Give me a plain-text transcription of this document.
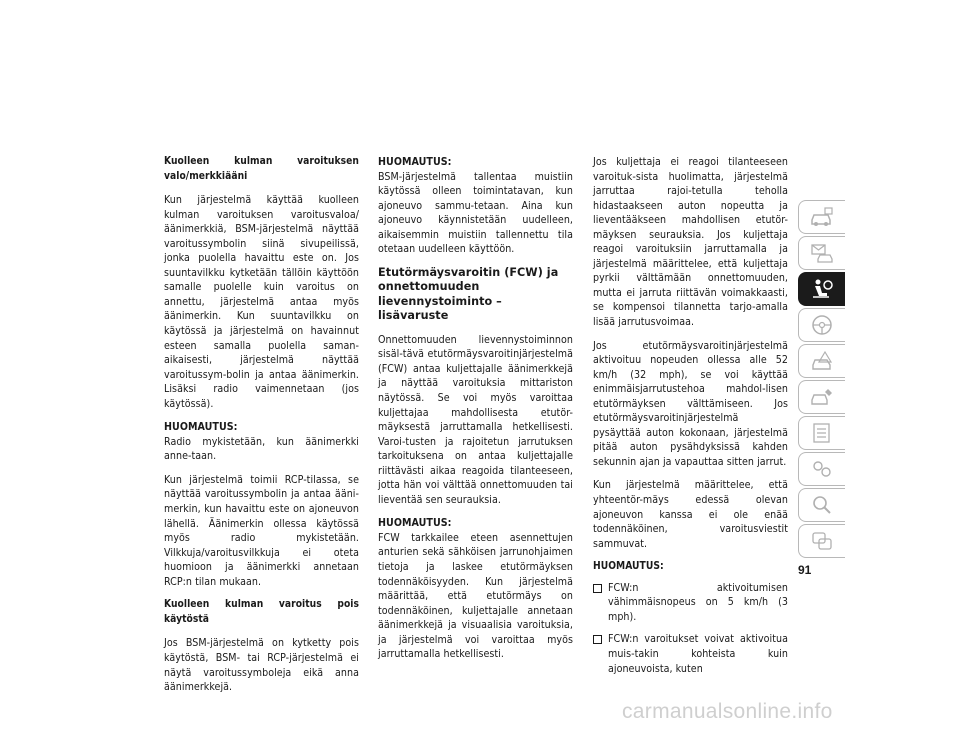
Kuolleen kulman varoituksen valo/merkkiääni

Kun järjestelmä käyttää kuolleen kulman varoituksen varoitusvaloa/äänimerkkiä, BSM-järjestelmä näyttää varoitussymbolin siinä sivupeilissä, jonka puolella havaittu este on. Jos suuntavilkku kytketään tällöin käyttöön samalle puolelle kuin varoitus on annettu, järjestelmä antaa myös äänimerkin. Kun suuntavilkku on käytössä ja järjestelmä on havainnut esteen samalla puolella saman-aikaisesti, järjestelmä näyttää varoitussym-bolin ja antaa äänimerkin. Lisäksi radio vaimennetaan (jos käytössä).

HUOMAUTUS:
Radio mykistetään, kun äänimerkki anne-taan.

Kun järjestelmä toimii RCP-tilassa, se näyttää varoitussymbolin ja antaa ääni-merkin, kun havaittu este on ajoneuvon lähellä. Äänimerkin ollessa käytössä myös radio mykistetään. Vilkkuja/varoitusvilkkuja ei oteta huomioon ja äänimerkki annetaan RCP:n tilan mukaan.

Kuolleen kulman varoitus pois käytöstä

Jos BSM-järjestelmä on kytketty pois käytöstä, BSM- tai RCP-järjestelmä ei näytä varoitussymboleja eikä anna äänimerkkejä.

HUOMAUTUS:
BSM-järjestelmä tallentaa muistiin käytössä olleen toimintatavan, kun ajoneuvo sammu-tetaan. Aina kun ajoneuvo käynnistetään uudelleen, aikaisemmin muistiin tallennettu tila otetaan uudelleen käyttöön.

Etutörmäysvaroitin (FCW) ja onnettomuuden lievennystoiminto – lisävaruste

Onnettomuuden lievennystoiminnon sisäl-tävä etutörmäysvaroitinjärjestelmä (FCW) antaa kuljettajalle äänimerkkejä ja näyttää varoituksia mittariston näytössä. Se voi myös varoittaa kuljettajaa mahdollisesta etutör-mäyksestä jarruttamalla hetkellisesti. Varoi-tusten ja rajoitetun jarrutuksen tarkoituksena on antaa kuljettajalle riittävästi aikaa reagoida tilanteeseen, jotta hän voi välttää onnettomuuden tai lieventää sen seurauksia.

HUOMAUTUS:
FCW tarkkailee eteen asennettujen anturien sekä sähköisen jarrunohjaimen tietoja ja laskee etutörmäyksen todennäköisyyden. Kun järjestelmä määrittää, että etutörmäys on todennäköinen, kuljettajalle annetaan äänimerkkejä ja visuaalisia varoituksia, ja järjestelmä voi varoittaa myös jarruttamalla hetkellisesti.

Jos kuljettaja ei reagoi tilanteeseen varoituk-sista huolimatta, järjestelmä jarruttaa rajoi-tetulla teholla hidastaakseen auton nopeutta ja lieventääkseen mahdollisen etutör-mäyksen seurauksia. Jos kuljettaja reagoi varoituksiin jarruttamalla ja järjestelmä määrittelee, että kuljettaja pyrkii välttämään onnettomuuden, mutta ei jarruta riittävän voimakkaasti, se kompensoi tilannetta tarjo-amalla lisää jarrutusvoimaa.

Jos etutörmäysvaroitinjärjestelmä aktivoituu nopeuden ollessa alle 52 km/h (32 mph), se voi käyttää enimmäisjarrutustehoa mahdol-lisen etutörmäyksen välttämiseen. Jos etutörmäysvaroitinjärjestelmä pysäyttää auton kokonaan, järjestelmä pitää auton pysähdyksissä kahden sekunnin ajan ja vapauttaa sitten jarrut.

Kun järjestelmä määrittelee, että yhteentör-mäys edessä olevan ajoneuvon kanssa ei ole enää todennäköinen, varoitusviestit sammuvat.

HUOMAUTUS:

FCW:n aktivoitumisen vähimmäisnopeus on 5 km/h (3 mph).
FCW:n varoitukset voivat aktivoitua muis-takin kohteista kuin ajoneuvoista, kuten
91
carmanualsonline.info
